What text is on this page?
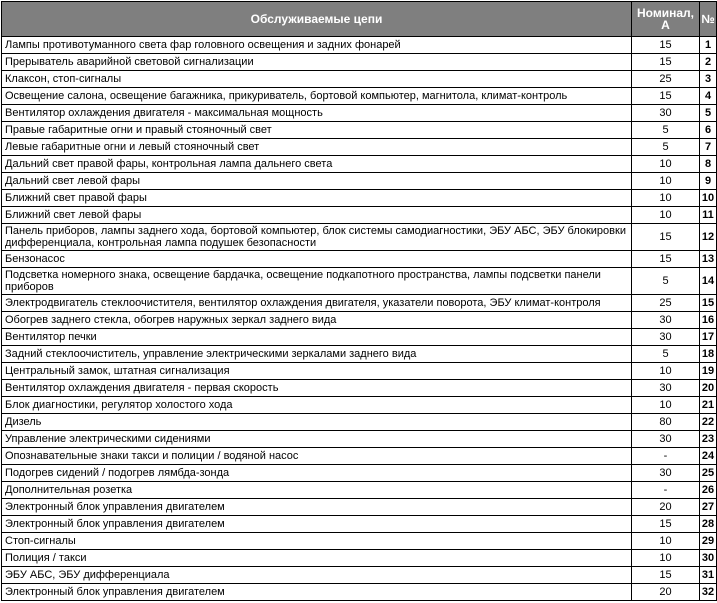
Обслуживаемые цепи	Номинал, А	№
Лампы противотуманного света фар головного освещения и задних фонарей	15	1
Прерыватель аварийной световой сигнализации	15	2
Клаксон, стоп-сигналы	25	3
Освещение салона, освещение багажника, прикуриватель, бортовой компьютер, магнитола, климат-контроль	15	4
Вентилятор охлаждения двигателя - максимальная мощность	30	5
Правые габаритные огни и правый стояночный свет	5	6
Левые габаритные огни и левый стояночный свет	5	7
Дальний свет правой фары, контрольная лампа дальнего света	10	8
Дальний свет левой фары	10	9
Ближний свет правой фары	10	10
Ближний свет левой фары	10	11
Панель приборов, лампы заднего хода, бортовой компьютер, блок системы самодиагностики, ЭБУ АБС, ЭБУ блокировки дифференциала, контрольная лампа подушек безопасности	15	12
Бензонасос	15	13
Подсветка номерного знака, освещение бардачка, освещение подкапотного пространства, лампы подсветки панели приборов	5	14
Электродвигатель стеклоочистителя, вентилятор охлаждения двигателя, указатели поворота, ЭБУ климат-контроля	25	15
Обогрев заднего стекла, обогрев наружных зеркал заднего вида	30	16
Вентилятор печки	30	17
Задний стеклоочиститель, управление электрическими зеркалами заднего вида	5	18
Центральный замок, штатная сигнализация	10	19
Вентилятор охлаждения двигателя - первая скорость	30	20
Блок диагностики, регулятор холостого хода	10	21
Дизель	80	22
Управление электрическими сидениями	30	23
Опознавательные знаки такси и полиции / водяной насос	-	24
Подогрев сидений / подогрев лямбда-зонда	30	25
Дополнительная розетка	-	26
Электронный блок управления двигателем	20	27
Электронный блок управления двигателем	15	28
Стоп-сигналы	10	29
Полиция / такси	10	30
ЭБУ АБС, ЭБУ дифференциала	15	31
Электронный блок управления двигателем	20	32
